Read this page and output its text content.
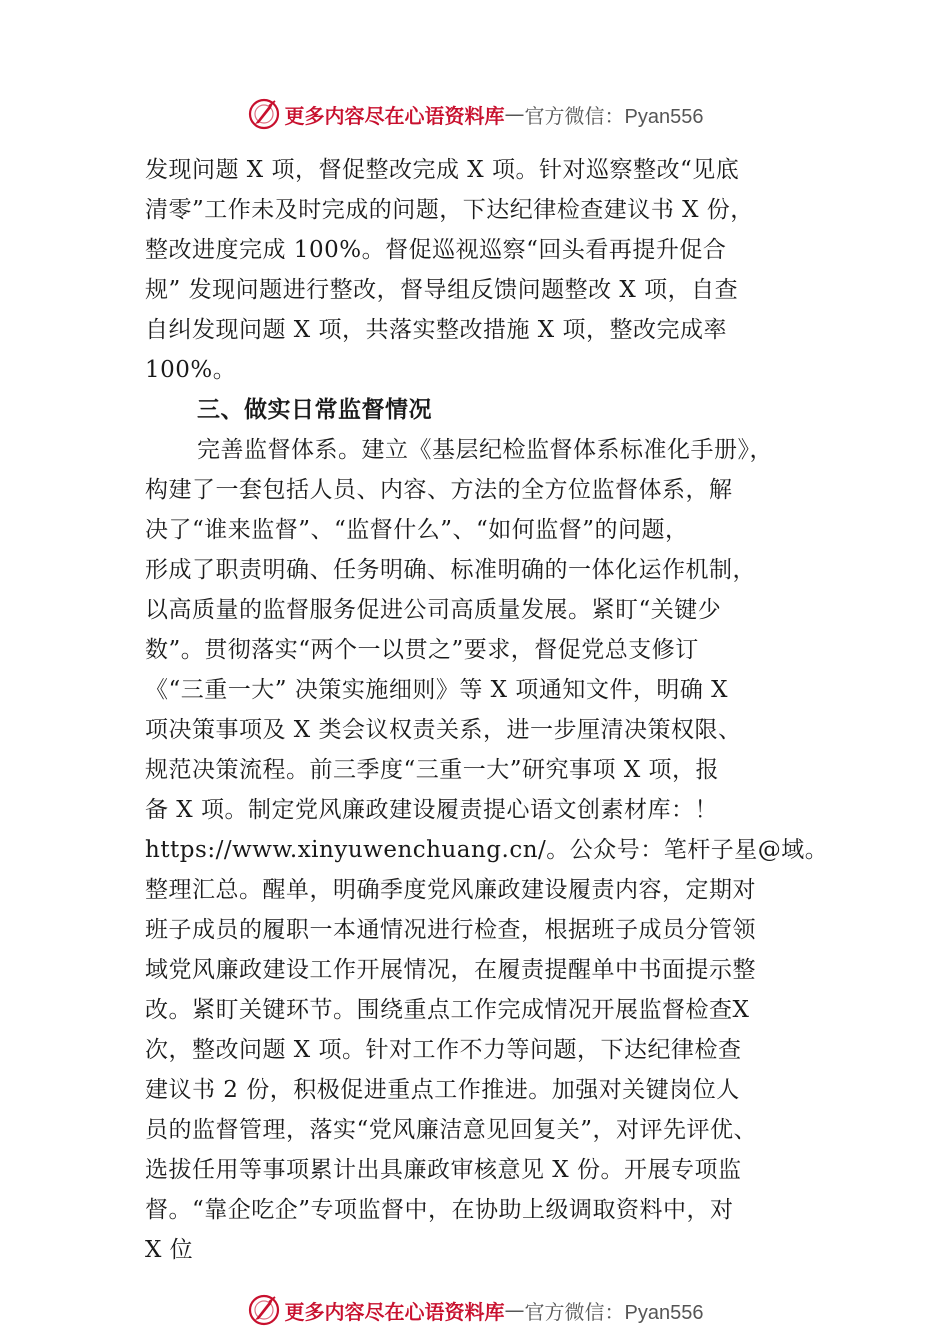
更多内容尽在心语资料库 — 官方微信：Pyan556
发现问题 X 项，督促整改完成 X 项。针对巡察整改“见底
清零”工作未及时完成的问题，下达纪律检查建议书 X 份，
整改进度完成 100%。督促巡视巡察“回头看再提升促合
规” 发现问题进行整改，督导组反馈问题整改 X 项，自查
自纠发现问题 X 项，共落实整改措施 X 项，整改完成率
100%。
三、做实日常监督情况
完善监督体系。建立《基层纪检监督体系标准化手册》，
构建了一套包括人员、内容、方法的全方位监督体系，解
决了“谁来监督”、“监督什么”、“如何监督”的问题，
形成了职责明确、任务明确、标准明确的一体化运作机制，
以高质量的监督服务促进公司高质量发展。紧盯“关键少
数”。贯彻落实“两个一以贯之”要求，督促党总支修订
《“三重一大” 决策实施细则》等 X 项通知文件，明确 X
项决策事项及 X 类会议权责关系，进一步厘清决策权限、
规范决策流程。前三季度“三重一大”研究事项 X 项，报
备 X 项。制定党风廉政建设履责提心语文创素材库：！
https://www.xinyuwenchuang.cn/。公众号：笔杆子星@域。
整理汇总。醒单，明确季度党风廉政建设履责内容，定期对
班子成员的履职一本通情况进行检查，根据班子成员分管领
域党风廉政建设工作开展情况，在履责提醒单中书面提示整
改。紧盯关键环节。围绕重点工作完成情况开展监督检查X
次，整改问题 X 项。针对工作不力等问题，下达纪律检查
建议书 2 份，积极促进重点工作推进。加强对关键岗位人
员的监督管理，落实“党风廉洁意见回复关”，对评先评优、
选拔任用等事项累计出具廉政审核意见 X 份。开展专项监
督。“靠企吃企”专项监督中，在协助上级调取资料中，对
X 位
更多内容尽在心语资料库 — 官方微信：Pyan556
